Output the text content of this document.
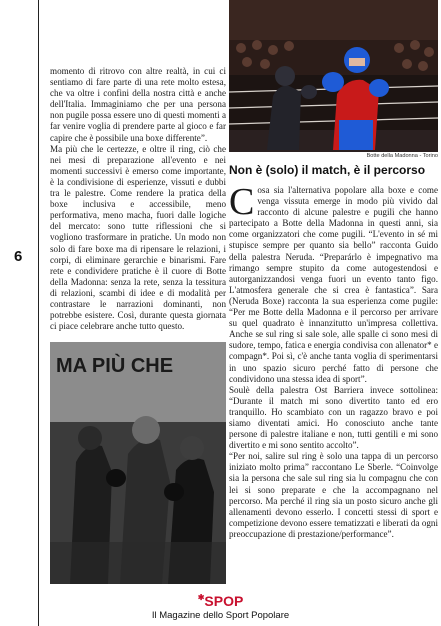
6

momento di ritrovo con altre realtà, in cui ci sentiamo di fare parte di una rete molto estesa, che va oltre i confini della nostra città e anche dell'Italia. Immaginiamo che per una persona non pugile possa essere uno di questi momenti a far venire voglia di prendere parte al gioco e far capire che è possibile una boxe differente”.

Ma più che le certezze, e oltre il ring, ciò che nei mesi di preparazione all'evento e nei momenti successivi è emerso come importante, è la condivisione di esperienze, vissuti e dubbi tra le palestre. Come rendere la pratica della boxe inclusiva e accessibile, meno performativa, meno macha, fuori dalle logiche del mercato: sono tutte riflessioni che si vogliono trasformare in pratiche. Un modo non solo di fare boxe ma di ripensare le relazioni, i corpi, di eliminare gerarchie e binarismi. Fare rete e condividere pratiche è il cuore di Botte della Madonna: senza la rete, senza la tessitura di relazioni, scambi di idee e di modalità per contrastare le narrazioni dominanti, non potrebbe esistere. Così, durante questa giornata ci piace celebrare anche tutto questo.

Botte della Madonna - Torino
Non è (solo) il match, è il percorso

Cosa sia l'alternativa popolare alla boxe e come venga vissuta emerge in modo più vivido dal racconto di alcune palestre e pugili che hanno partecipato a Botte della Madonna in questi anni, sia come organizzatori che come pugili. “L'evento in sé mi stupisce sempre per quanto sia bello” racconta Guido della palestra Neruda. “Preparárlo è impegnativo ma rimango sempre stupito da come autogestendosi e autorganizzandosi venga fuori un evento tanto figo. L'atmosfera generale che si crea è fantastica”. Sara (Neruda Boxe) racconta la sua esperienza come pugile: “Per me Botte della Madonna e il percorso per arrivare su quel quadrato è innanzitutto un'impresa collettiva. Anche se sul ring si sale sole, alle spalle ci sono mesi di sudore, tempo, fatica e energia condivisa con allenator* e compagn*. Poi sì, c'è anche tanta voglia di sperimentarsi in uno spazio sicuro perché fatto di persone che condividono una stessa idea di sport”.

Soulè della palestra Ost Barriera invece sottolinea: “Durante il match mi sono divertito tanto ed ero tranquillo. Ho scambiato con un ragazzo bravo e poi siamo diventati amici. Ho conosciuto anche tante persone di palestre italiane e non, tutti gentili e mi sono divertito e mi sono sentito accolto”.

“Per noi, salire sul ring è solo una tappa di un percorso iniziato molto prima” raccontano Le Sberle. “Coinvolge sia la persona che sale sul ring sia lu compagnu che con lei si sono preparate e che la accompagnano nel percorso. Ma perché il ring sia un posto sicuro anche gli allenamenti devono esserlo. I concetti stessi di sport e competizione devono essere tematizzati e liberati da ogni preoccupazione di prestazione/performance”.

MA PIÙ CHE
✱SPOP
Il Magazine dello Sport Popolare
